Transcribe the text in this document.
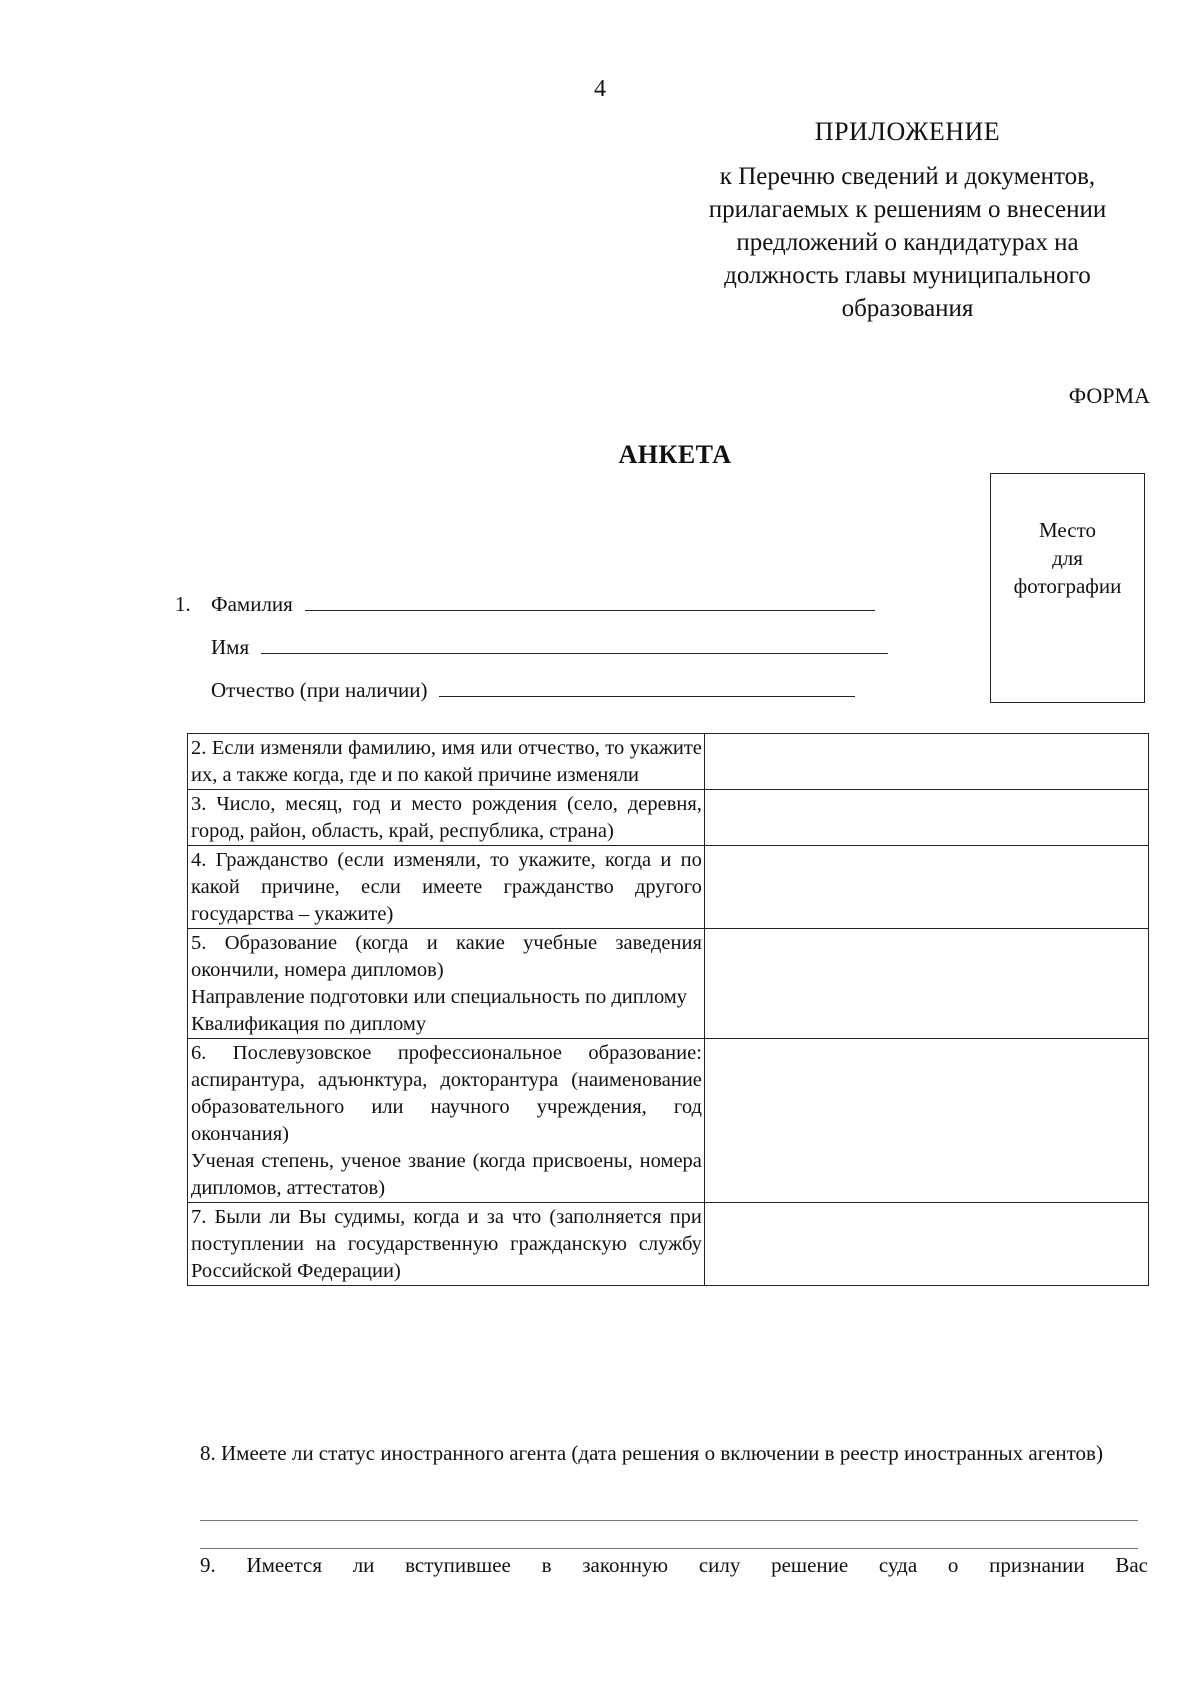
4
ПРИЛОЖЕНИЕ
к Перечню сведений и документов,
прилагаемых к решениям о внесении
предложений о кандидатурах на
должность главы муниципального
образования
ФОРМА
АНКЕТА
Место
для
фотографии
1. Фамилия
Имя
Отчество (при наличии)
2. Если изменяли фамилию, имя или отчество, то укажите их, а также когда, где и по какой причине изменяли	

3. Число, месяц, год и место рождения (село, деревня, город, район, область, край, республика, страна)	

4. Гражданство (если изменяли, то укажите, когда и по какой причине, если имеете гражданство другого государства – укажите)	

5. Образование (когда и какие учебные заведения окончили, номера дипломов)
Направление подготовки или специальность по диплому
Квалификация по диплому	

6. Послевузовское профессиональное образование: аспирантура, адъюнктура, докторантура (наименование образовательного или научного учреждения, год окончания)
Ученая степень, ученое звание (когда присвоены, номера дипломов, аттестатов)	

7. Были ли Вы судимы, когда и за что (заполняется при поступлении на государственную гражданскую службу Российской Федерации)	

8. Имеете ли статус иностранного агента (дата решения о включении в реестр иностранных агентов)
9. Имеется ли вступившее в законную силу решение суда о признании Вас
